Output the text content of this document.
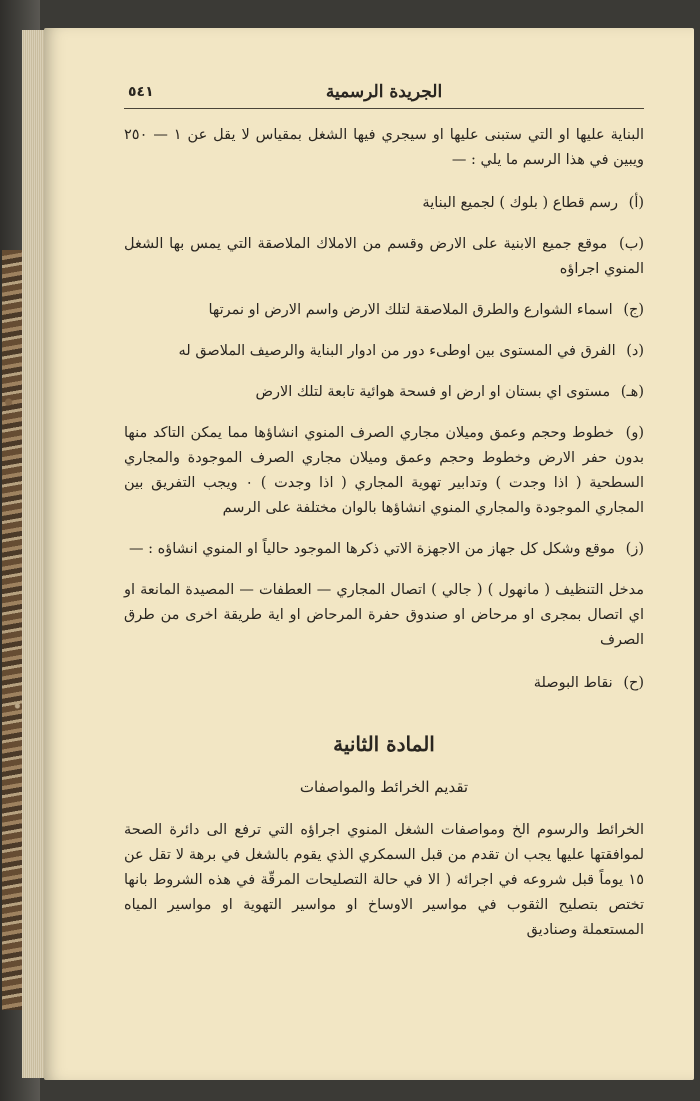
٥٤١	الجريدة الرسمية

البناية عليها او التي ستبنى عليها او سيجري فيها الشغل بمقياس لا يقل عن ١ — ٢٥٠ ويبين في هذا الرسم ما يلي : —

(أ) رسم قطاع ( بلوك ) لجميع البناية

(ب) موقع جميع الابنية على الارض وقسم من الاملاك الملاصقة التي يمس بها الشغل المنوي اجراؤه

(ج) اسماء الشوارع والطرق الملاصقة لتلك الارض واسم الارض او نمرتها

(د) الفرق في المستوى بين اوطىء دور من ادوار البناية والرصيف الملاصق له

(هـ) مستوى اي بستان او ارض او فسحة هوائية تابعة لتلك الارض

(و) خطوط وحجم وعمق وميلان مجاري الصرف المنوي انشاؤها مما يمكن التاكد منها بدون حفر الارض وخطوط وحجم وعمق وميلان مجاري الصرف الموجودة والمجاري السطحية ( اذا وجدت ) وتدابير تهوية المجاري ( اذا وجدت ) ٠ ويجب التفريق بين المجاري الموجودة والمجاري المنوي انشاؤها بالوان مختلفة على الرسم

(ز) موقع وشكل كل جهاز من الاجهزة الاتي ذكرها الموجود حالياً او المنوي انشاؤه : —

مدخل التنظيف ( مانهول ) ( جالي ) اتصال المجاري — العطفات — المصيدة المانعة او اي اتصال بمجرى او مرحاض او صندوق حفرة المرحاض او اية طريقة اخرى من طرق الصرف

(ح) نقاط البوصلة

المادة الثانية
تقديم الخرائط والمواصفات

الخرائط والرسوم الخ ومواصفات الشغل المنوي اجراؤه التي ترفع الى دائرة الصحة لموافقتها عليها يجب ان تقدم من قبل السمكري الذي يقوم بالشغل في برهة لا تقل عن ١٥ يوماً قبل شروعه في اجرائه ( الا في حالة التصليحات المرقّة في هذه الشروط بانها تختص بتصليح الثقوب في مواسير الاوساخ او مواسير التهوية او مواسير المياه المستعملة وصناديق
